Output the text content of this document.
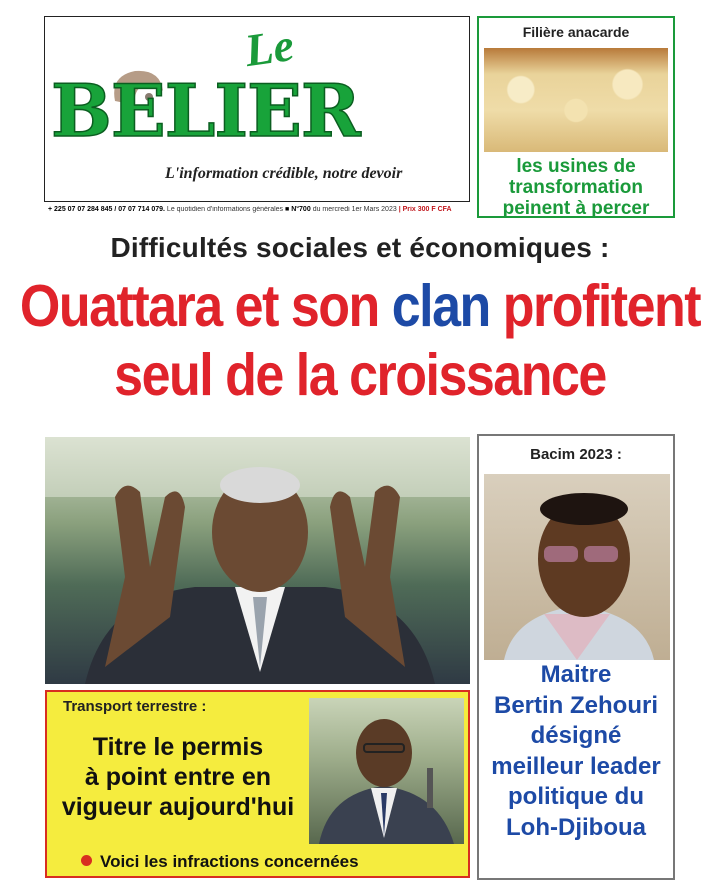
Le
BELIER
L'information crédible, notre devoir
+ 225 07 07 284 845 / 07 07 714 079. Le quotidien d'informations générales ■ N°700 du mercredi 1er Mars 2023 | Prix 300 F CFA
Filière anacarde
les usines de
transformation
peinent à percer
Difficultés sociales et économiques :
Ouattara et son clan profitent
seul de la croissance
Transport terrestre :
Titre le permis
à point entre en
vigueur aujourd'hui
Voici les infractions concernées
Bacim 2023 :
Maitre
Bertin Zehouri
désigné
meilleur leader
politique du
Loh-Djiboua
